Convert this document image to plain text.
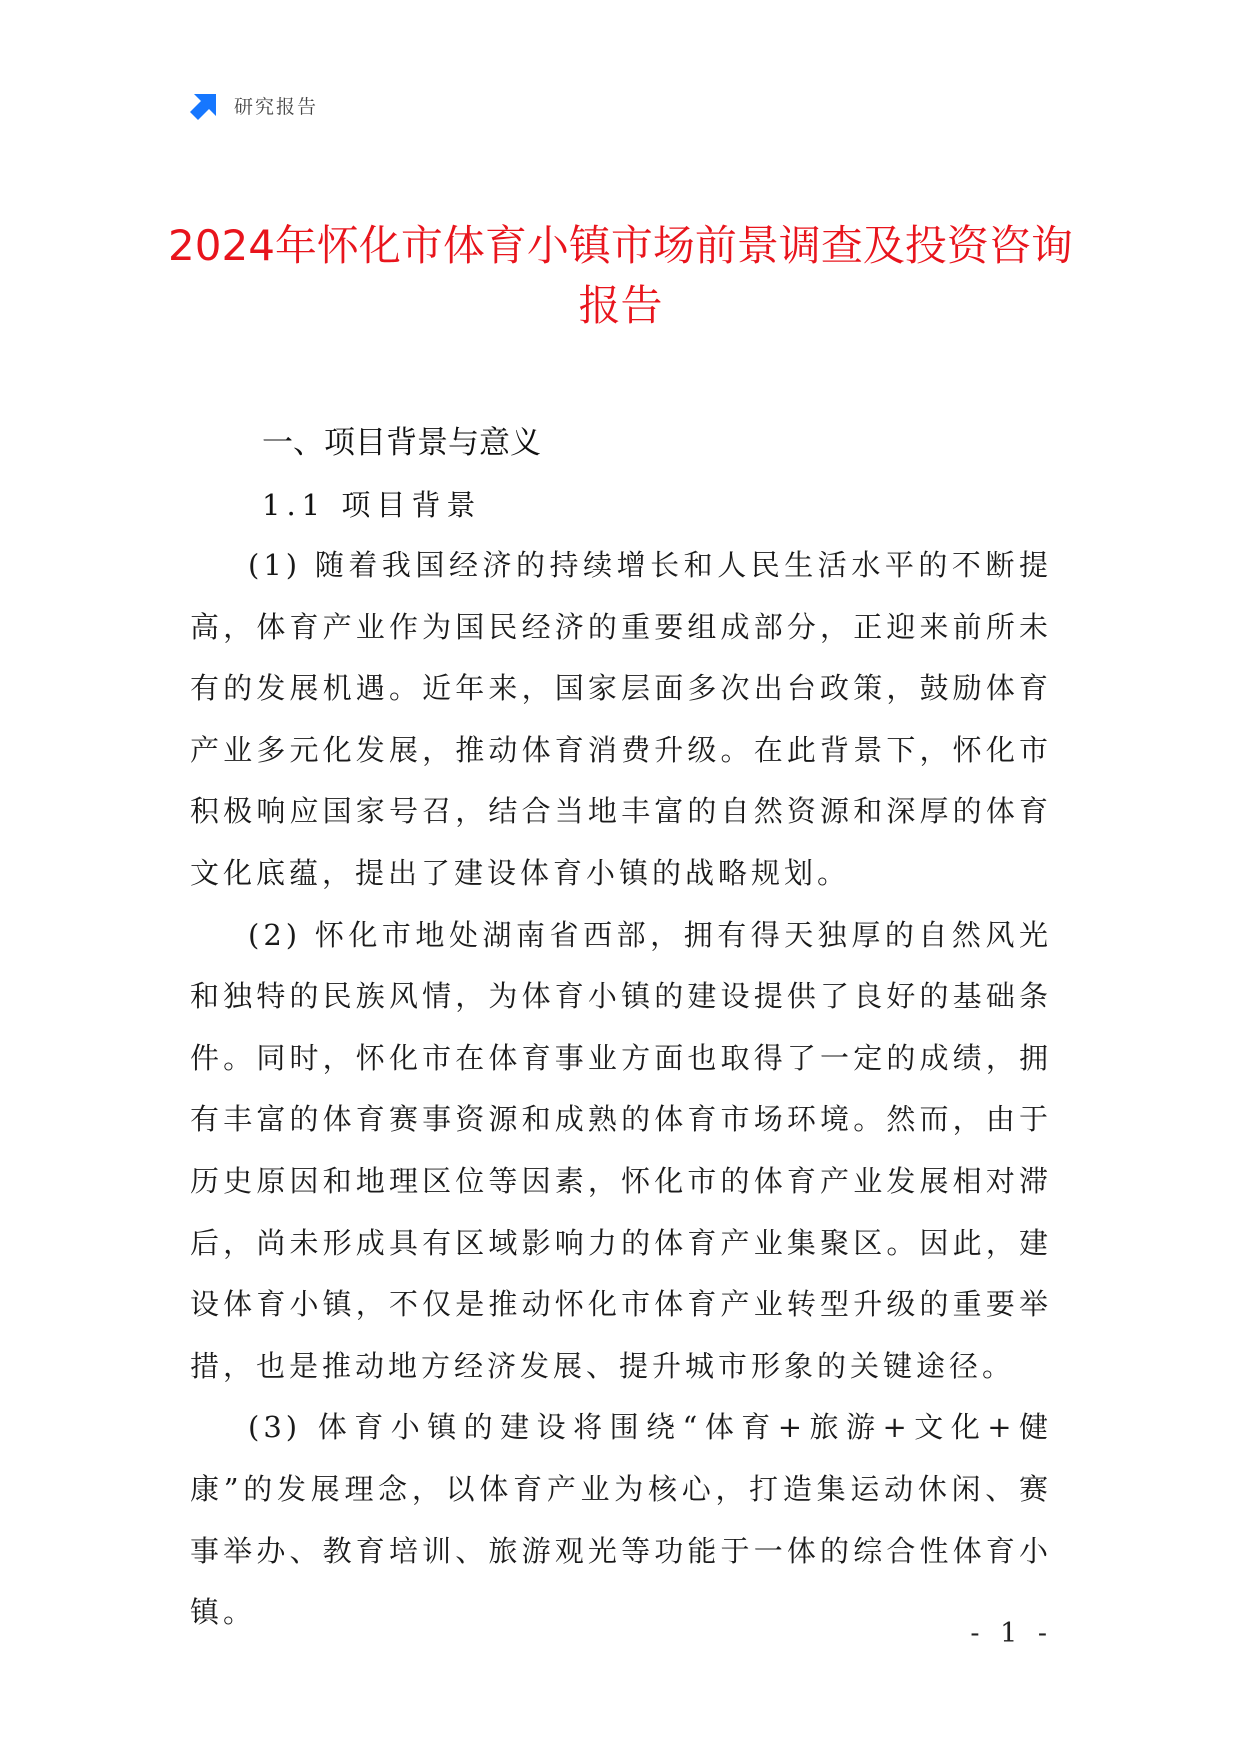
研究报告
2024年怀化市体育小镇市场前景调查及投资咨询报告
一、项目背景与意义
1.1 项目背景

(1) 随着我国经济的持续增长和人民生活水平的不断提高，体育产业作为国民经济的重要组成部分，正迎来前所未有的发展机遇。近年来，国家层面多次出台政策，鼓励体育产业多元化发展，推动体育消费升级。在此背景下，怀化市积极响应国家号召，结合当地丰富的自然资源和深厚的体育文化底蕴，提出了建设体育小镇的战略规划。

(2) 怀化市地处湖南省西部，拥有得天独厚的自然风光和独特的民族风情，为体育小镇的建设提供了良好的基础条件。同时，怀化市在体育事业方面也取得了一定的成绩，拥有丰富的体育赛事资源和成熟的体育市场环境。然而，由于历史原因和地理区位等因素，怀化市的体育产业发展相对滞后，尚未形成具有区域影响力的体育产业集聚区。因此，建设体育小镇，不仅是推动怀化市体育产业转型升级的重要举措，也是推动地方经济发展、提升城市形象的关键途径。

(3) 体育小镇的建设将围绕“体育+旅游+文化+健康”的发展理念，以体育产业为核心，打造集运动休闲、赛事举办、教育培训、旅游观光等功能于一体的综合性体育小镇。

- 1 -
